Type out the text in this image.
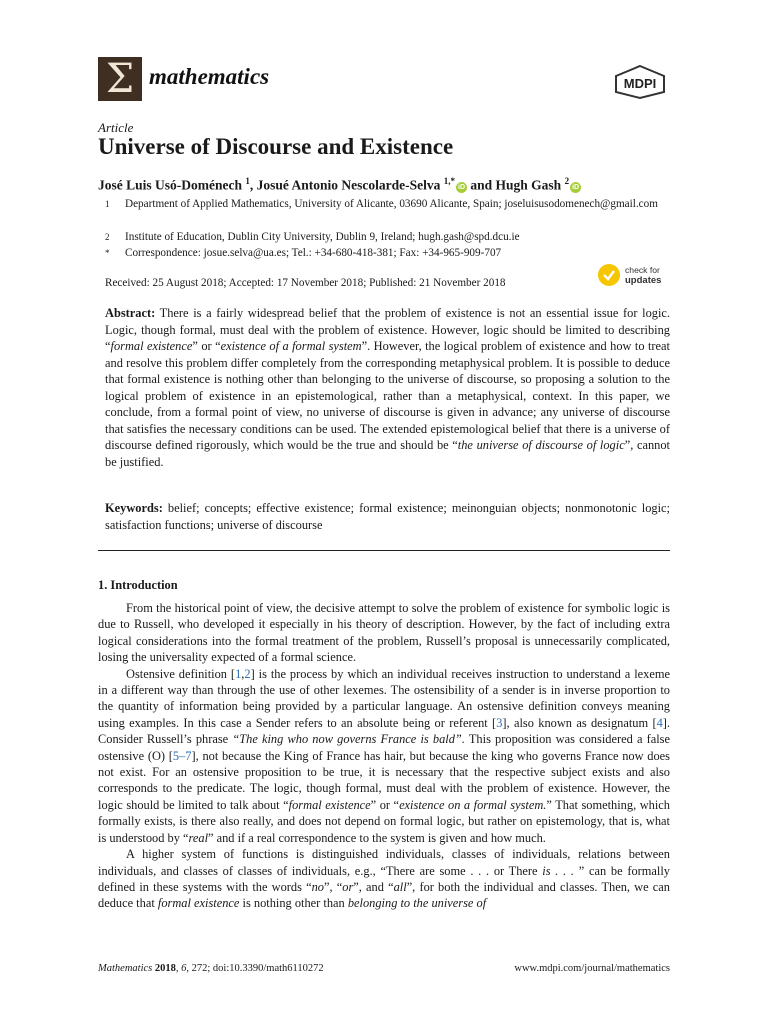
Σ mathematics	MDPI
Article
Universe of Discourse and Existence
José Luis Usó-Doménech $^1$, Josué Antonio Nescolarde-Selva $^{1,*}$iD and Hugh Gash $^2$iD
1 Department of Applied Mathematics, University of Alicante, 03690 Alicante, Spain; joseluisusodomenech@gmail.com
2 Institute of Education, Dublin City University, Dublin 9, Ireland; hugh.gash@spd.dcu.ie
* Correspondence: josue.selva@ua.es; Tel.: +34-680-418-381; Fax: +34-965-909-707
Received: 25 August 2018; Accepted: 17 November 2018; Published: 21 November 2018
check for
updates
Abstract: There is a fairly widespread belief that the problem of existence is not an essential issue for logic. Logic, though formal, must deal with the problem of existence. However, logic should be limited to describing “formal existence” or “existence of a formal system”. However, the logical problem of existence and how to treat and resolve this problem differ completely from the corresponding metaphysical problem. It is possible to deduce that formal existence is nothing other than belonging to the universe of discourse, so proposing a solution to the logical problem of existence in an epistemological, rather than a metaphysical, context. In this paper, we conclude, from a formal point of view, no universe of discourse is given in advance; any universe of discourse that satisfies the necessary conditions can be used. The extended epistemological belief that there is a universe of discourse defined rigorously, which would be the true and should be “the universe of discourse of logic”, cannot be justified.
Keywords: belief; concepts; effective existence; formal existence; meinonguian objects; nonmonotonic logic; satisfaction functions; universe of discourse
1. Introduction

From the historical point of view, the decisive attempt to solve the problem of existence for symbolic logic is due to Russell, who developed it especially in his theory of description. However, by the fact of including extra logical considerations into the formal treatment of the problem, Russell’s proposal is unnecessarily complicated, losing the universality expected of a formal science.

Ostensive definition [1,2] is the process by which an individual receives instruction to understand a lexeme in a different way than through the use of other lexemes. The ostensibility of a sender is in inverse proportion to the quantity of information being provided by a particular language. An ostensive definition conveys meaning using examples. In this case a Sender refers to an absolute being or referent [3], also known as designatum [4]. Consider Russell’s phrase “The king who now governs France is bald”. This proposition was considered a false ostensive (O) [5–7], not because the King of France has hair, but because the king who governs France now does not exist. For an ostensive proposition to be true, it is necessary that the respective subject exists and also corresponds to the predicate. The logic, though formal, must deal with the problem of existence. However, the logic should be limited to talk about “formal existence” or “existence on a formal system.” That something, which formally exists, is there also really, and does not depend on formal logic, but rather on epistemology, that is, what is understood by “real” and if a real correspondence to the system is given and how much.

A higher system of functions is distinguished individuals, classes of individuals, relations between individuals, and classes of classes of individuals, e.g., “There are some . . . or There is . . . ” can be formally defined in these systems with the words “no”, “or”, and “all”, for both the individual and classes. Then, we can deduce that formal existence is nothing other than belonging to the universe of

Mathematics 2018, 6, 272; doi:10.3390/math6110272	www.mdpi.com/journal/mathematics
